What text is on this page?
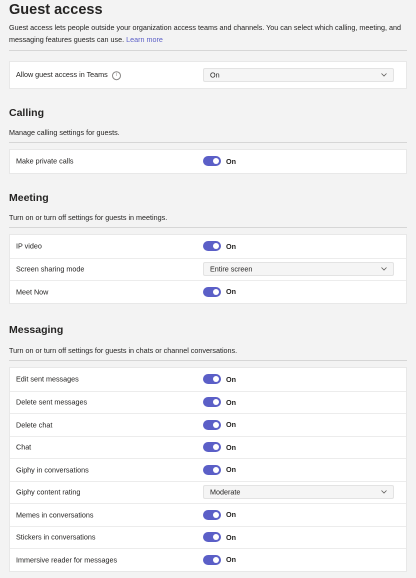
Guest access
Guest access lets people outside your organization access teams and channels. You can select which calling, meeting, and messaging features guests can use. Learn more
Allow guest access in Teams i	On
Calling
Manage calling settings for guests.
Make private calls	On
Meeting
Turn on or turn off settings for guests in meetings.
IP video	On
Screen sharing mode	Entire screen
Meet Now	On
Messaging
Turn on or turn off settings for guests in chats or channel conversations.
Edit sent messages	On
Delete sent messages	On
Delete chat	On
Chat	On
Giphy in conversations	On
Giphy content rating	Moderate
Memes in conversations	On
Stickers in conversations	On
Immersive reader for messages	On
